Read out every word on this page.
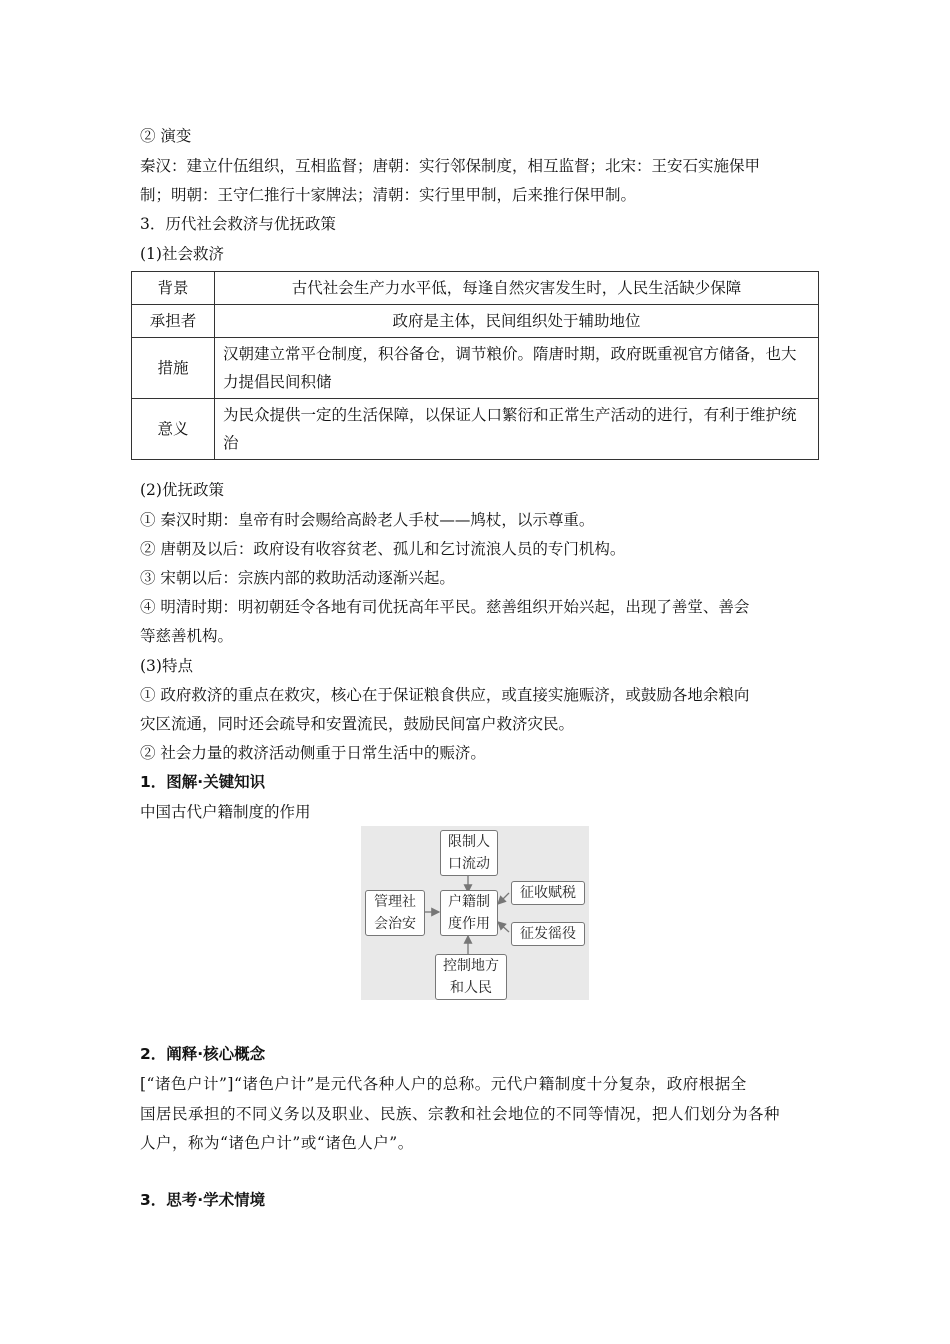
② 演变
秦汉：建立什伍组织，互相监督；唐朝：实行邻保制度，相互监督；北宋：王安石实施保甲
制；明朝：王守仁推行十家牌法；清朝：实行里甲制，后来推行保甲制。
3．历代社会救济与优抚政策
(1)社会救济
背景	古代社会生产力水平低，每逢自然灾害发生时，人民生活缺少保障
承担者	政府是主体，民间组织处于辅助地位
措施	汉朝建立常平仓制度，积谷备仓，调节粮价。隋唐时期，政府既重视官方储备，也大力提倡民间积储
意义	为民众提供一定的生活保障，以保证人口繁衍和正常生产活动的进行，有利于维护统治
(2)优抚政策
① 秦汉时期：皇帝有时会赐给高龄老人手杖——鸠杖，以示尊重。
② 唐朝及以后：政府设有收容贫老、孤儿和乞讨流浪人员的专门机构。
③ 宋朝以后：宗族内部的救助活动逐渐兴起。
④ 明清时期：明初朝廷令各地有司优抚高年平民。慈善组织开始兴起，出现了善堂、善会
等慈善机构。
(3)特点
① 政府救济的重点在救灾，核心在于保证粮食供应，或直接实施赈济，或鼓励各地余粮向
灾区流通，同时还会疏导和安置流民，鼓励民间富户救济灾民。
② 社会力量的救济活动侧重于日常生活中的赈济。
1．图解·关键知识
中国古代户籍制度的作用
限制人
口流动
管理社
会治安
户籍制
度作用
控制地方
和人民
征收赋税
征发徭役
2．阐释·核心概念
[“诸色户计”]“诸色户计”是元代各种人户的总称。元代户籍制度十分复杂，政府根据全
国居民承担的不同义务以及职业、民族、宗教和社会地位的不同等情况，把人们划分为各种
人户，称为“诸色户计”或“诸色人户”。
3．思考·学术情境
